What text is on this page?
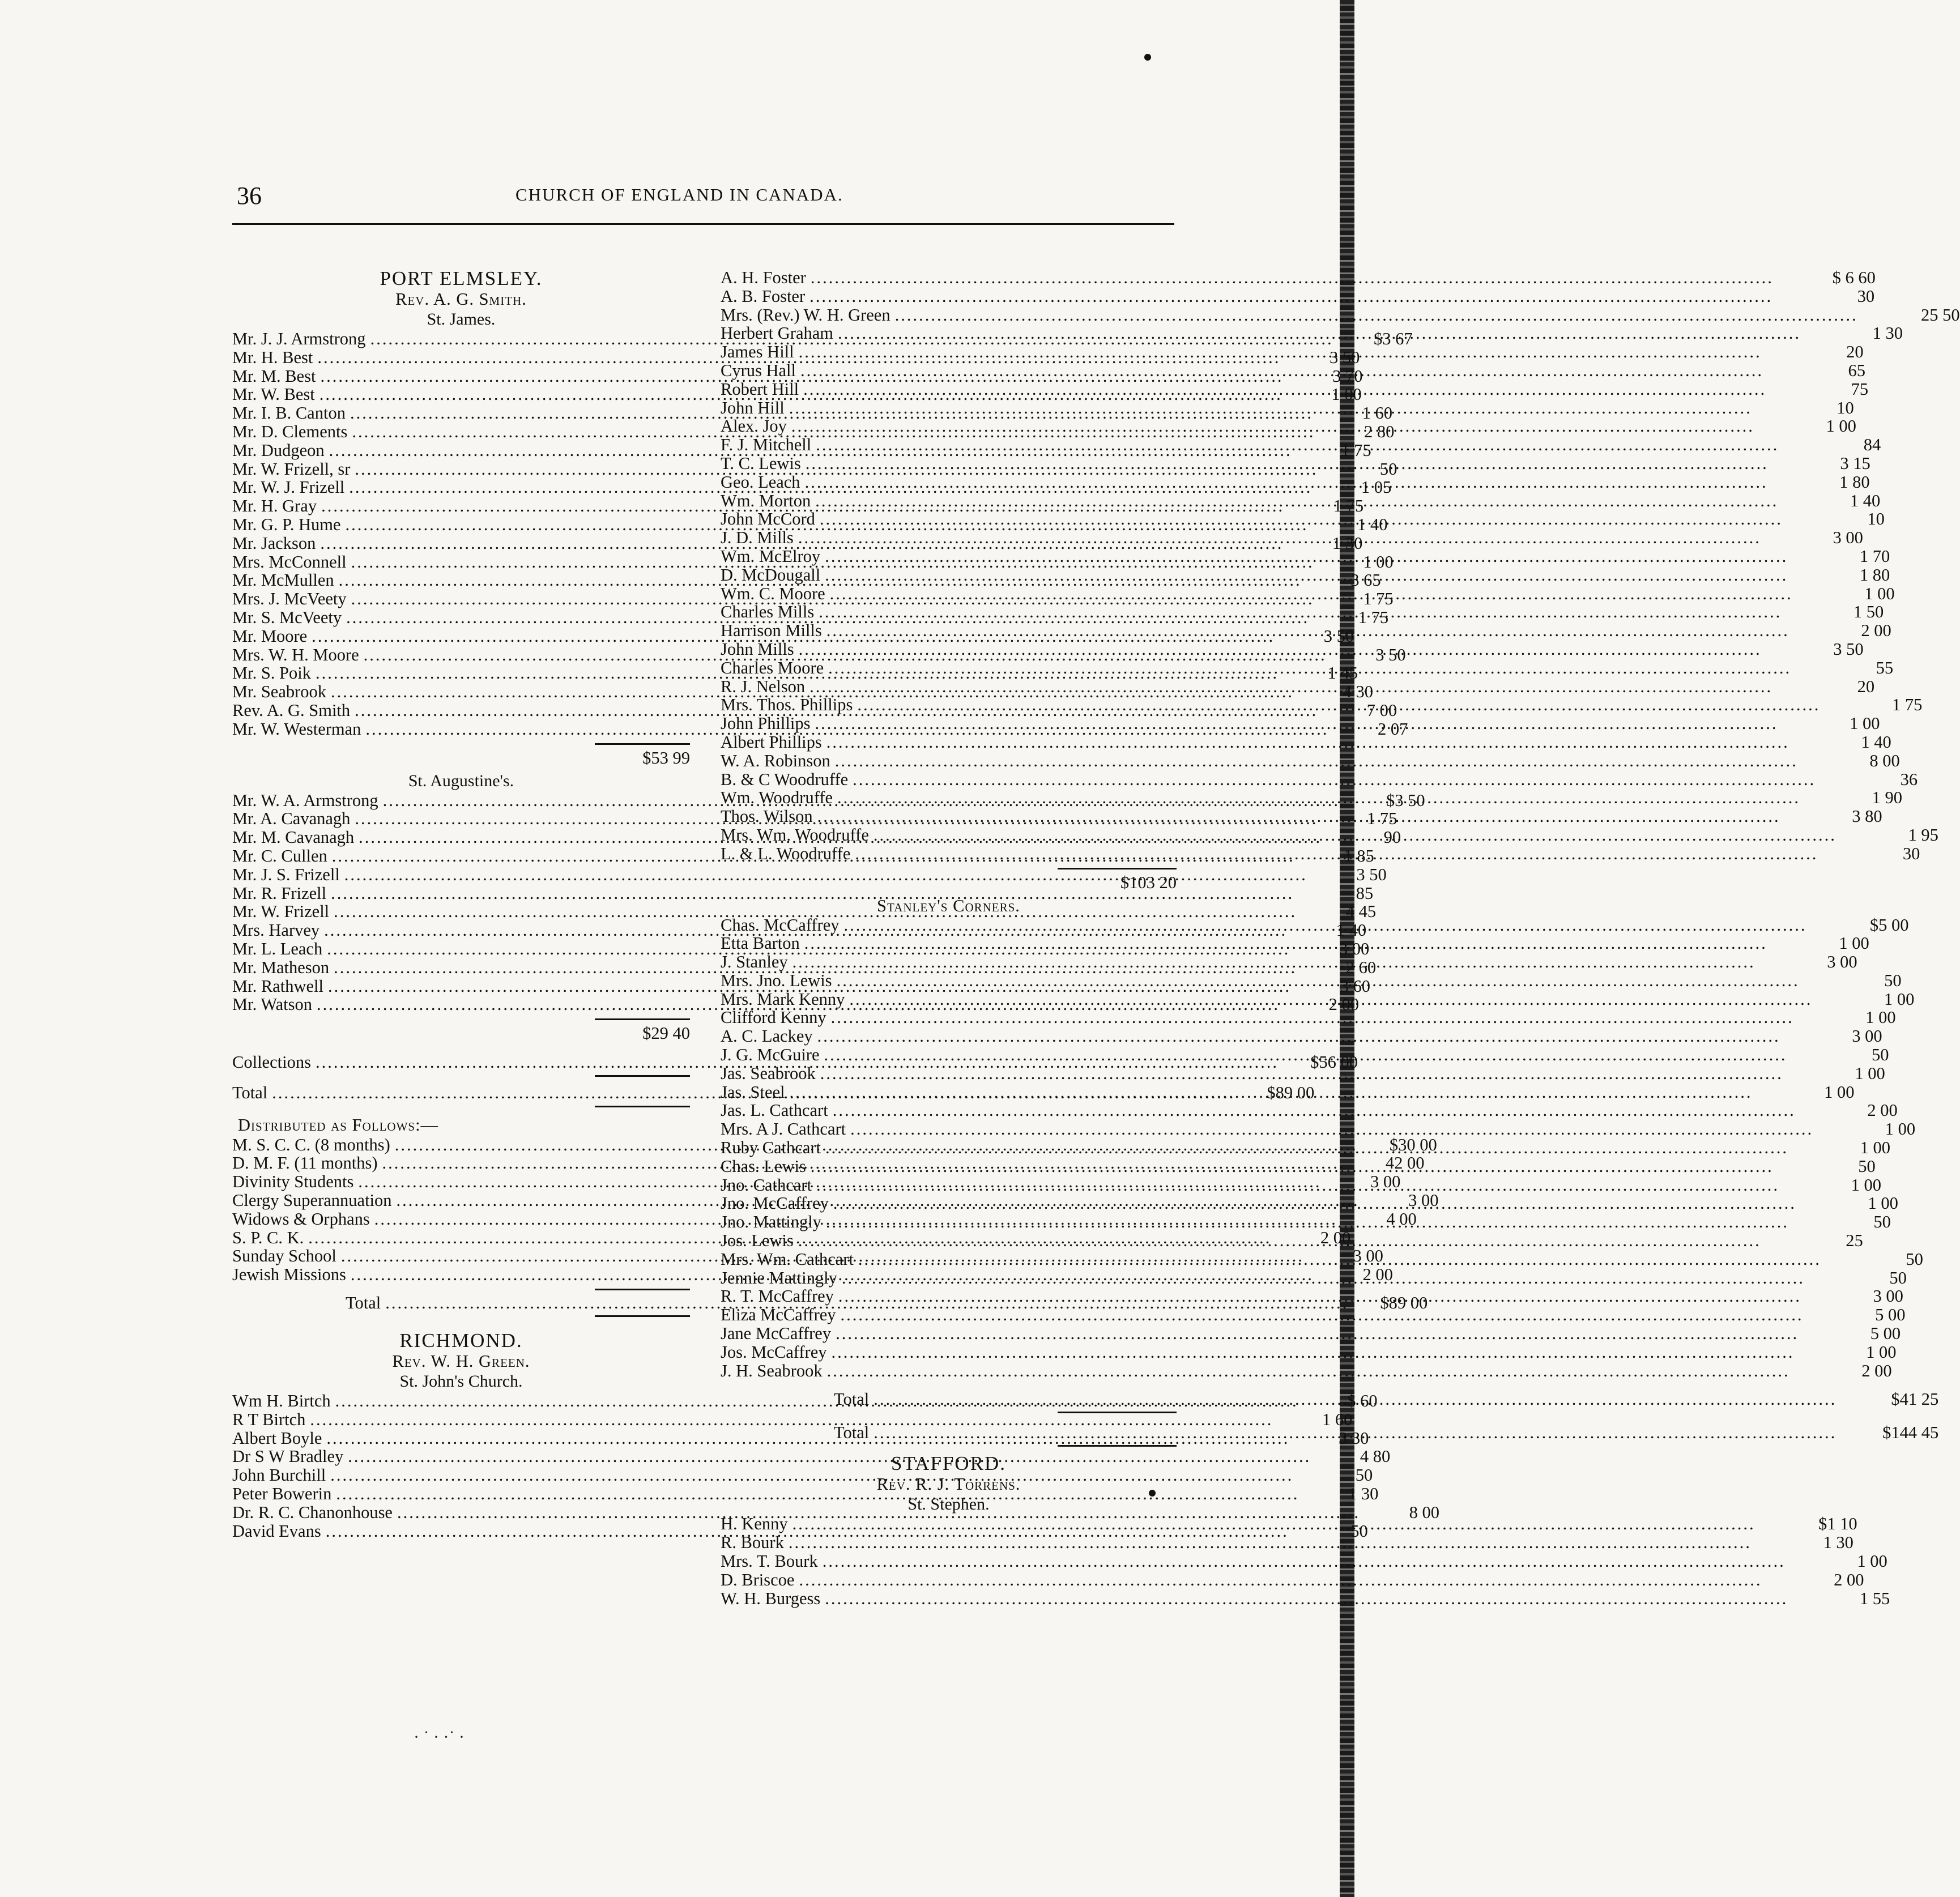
36	CHURCH OF ENGLAND IN CANADA.
PORT ELMSLEY.
Rev. A. G. Smith.
St. James.
Mr. J. J. Armstrong .....	$3 67
Mr. H. Best .....	3 50
Mr. M. Best .....	3 70
Mr. W. Best .....	1 00
Mr. I. B. Canton .....	1 60
Mr. D. Clements .....	2 80
Mr. Dudgeon .....	1 75
Mr. W. Frizell, sr .....	50
Mr. W. J. Frizell .....	1 05
Mr. H. Gray .....	1 75
Mr. G. P. Hume .....	1 40
Mr. Jackson .....	1 30
Mrs. McConnell .....	1 00
Mr. McMullen .....	3 65
Mrs. J. McVeety .....	1 75
Mr. S. McVeety .....	1 75
Mr. Moore .....	3 50
Mrs. W. H. Moore .....	3 50
Mr. S. Poik .....	1 45
Mr. Seabrook .....	4 30
Rev. A. G. Smith .....	7 00
Mr. W. Westerman .....	2 07
$53 99
St. Augustine's.
Mr. W. A. Armstrong .....	$3 50
Mr. A. Cavanagh .....	1 75
Mr. M. Cavanagh .....	90
Mr. C. Cullen .....	1 85
Mr. J. S. Frizell .....	3 50
Mr. R. Frizell .....	85
Mr. W. Frizell .....	4 45
Mrs. Harvey .....	1 40
Mr. L. Leach .....	3 00
Mr. Matheson .....	2 60
Mr. Rathwell .....	3 60
Mr. Watson .....	2 00
$29 40
Collections .....	$56 00
Total .....	$89 00
Distributed as Follows:—
M. S. C. C. (8 months) .....	$30 00
D. M. F. (11 months) .....	42 00
Divinity Students .....	3 00
Clergy Superannuation .....	3 00
Widows & Orphans .....	4 00
S. P. C. K. .....	2 00
Sunday School .....	3 00
Jewish Missions .....	2 00
Total .....	$89 00
RICHMOND.
Rev. W. H. Green.
St. John's Church.
Wm H. Birtch .....	$ 60
R T Birtch .....	1 60
Albert Boyle .....	3 30
Dr S W Bradley .....	4 80
John Burchill .....	50
Peter Bowerin .....	1 30
Dr. R. C. Chanonhouse .....	8 00
David Evans .....	50
A. H. Foster .....	$ 6 60
A. B. Foster .....	30
Mrs. (Rev.) W. H. Green .....	25 50
Herbert Graham .....	1 30
James Hill .....	20
Cyrus Hall .....	65
Robert Hill .....	75
John Hill .....	10
Alex. Joy .....	1 00
F. J. Mitchell .....	84
T. C. Lewis .....	3 15
Geo. Leach .....	1 80
Wm. Morton .....	1 40
John McCord .....	10
J. D. Mills .....	3 00
Wm. McElroy .....	1 70
D. McDougall .....	1 80
Wm. C. Moore .....	1 00
Charles Mills .....	1 50
Harrison Mills .....	2 00
John Mills .....	3 50
Charles Moore .....	55
R. J. Nelson .....	20
Mrs. Thos. Phillips .....	1 75
John Phillips .....	1 00
Albert Phillips .....	1 40
W. A. Robinson .....	8 00
B. & C Woodruffe .....	36
Wm. Woodruffe .....	1 90
Thos. Wilson .....	3 80
Mrs. Wm. Woodruffe .....	1 95
L. & L. Woodruffe .....	30
$103 20
Stanley's Corners.
Chas. McCaffrey .....	$5 00
Etta Barton .....	1 00
J. Stanley .....	3 00
Mrs. Jno. Lewis .....	50
Mrs. Mark Kenny .....	1 00
Clifford Kenny .....	1 00
A. C. Lackey .....	3 00
J. G. McGuire .....	50
Jas. Seabrook .....	1 00
Jas. Steel .....	1 00
Jas. L. Cathcart .....	2 00
Mrs. A J. Cathcart .....	1 00
Ruby Cathcart .....	1 00
Chas. Lewis .....	50
Jno. Cathcart .....	1 00
Jno. McCaffrey .....	1 00
Jno. Mattingly .....	50
Jos. Lewis .....	25
Mrs. Wm. Cathcart .....	50
Jennie Mattingly .....	50
R. T. McCaffrey .....	3 00
Eliza McCaffrey .....	5 00
Jane McCaffrey .....	5 00
Jos. McCaffrey .....	1 00
J. H. Seabrook .....	2 00
Total .....	$41 25
Total .....	$144 45
STAFFORD.
Rev. R. J. Torrens.
St. Stephen.
H. Kenny .....	$1 10
R. Bourk .....	1 30
Mrs. T. Bourk .....	1 00
D. Briscoe .....	2 00
W. H. Burgess .....	1 55
· ˙ · ·˙ ·
